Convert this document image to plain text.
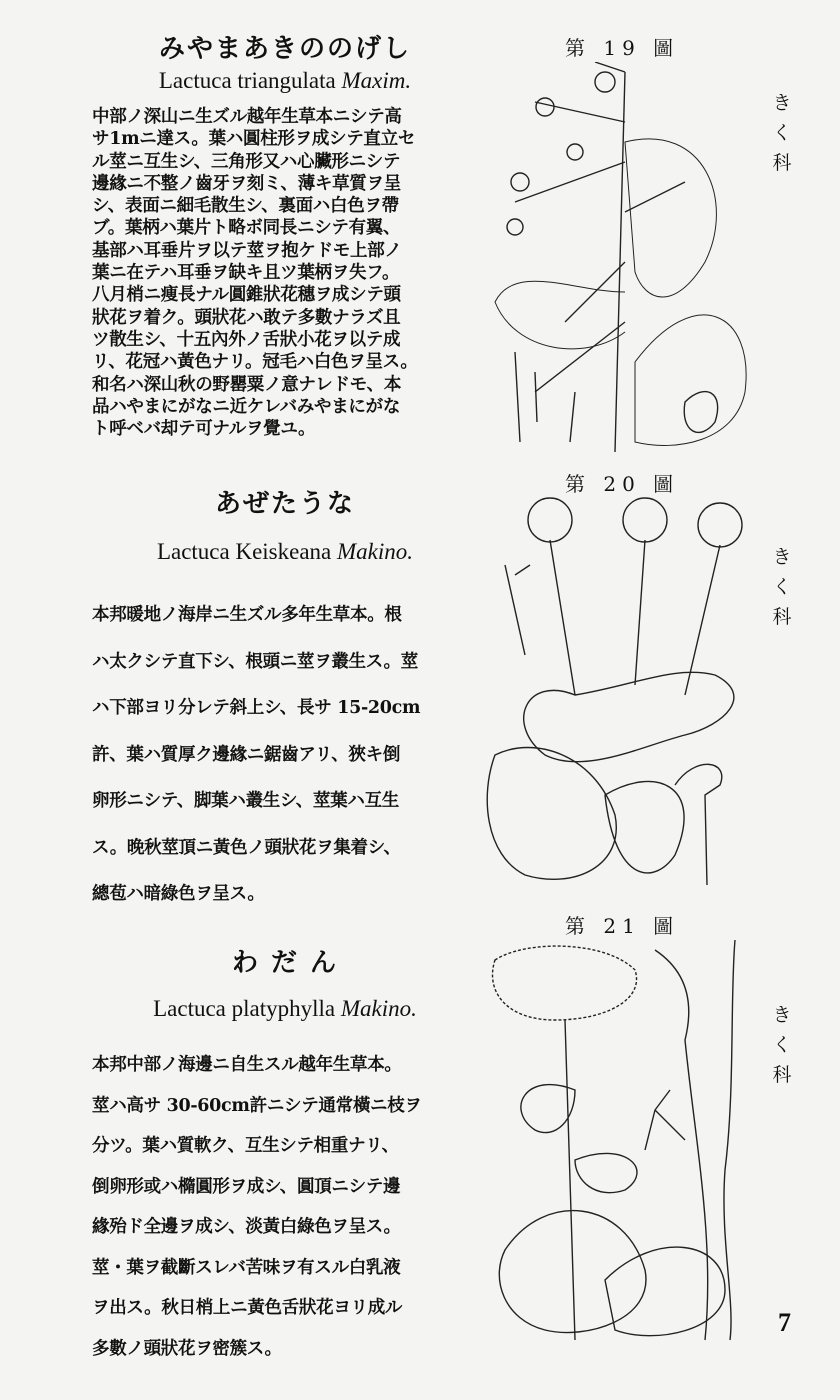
みやまあきののげし
Lactuca triangulata Maxim.
中部ノ深山ニ生ズル越年生草本ニシテ高
サ1mニ達ス。葉ハ圓柱形ヲ成シテ直立セ
ル莖ニ互生シ、三角形又ハ心臟形ニシテ
邊緣ニ不整ノ齒牙ヲ刻ミ、薄キ草質ヲ呈
シ、表面ニ細毛散生シ、裏面ハ白色ヲ帶
ブ。葉柄ハ葉片ト略ボ同長ニシテ有翼、
基部ハ耳垂片ヲ以テ莖ヲ抱ケドモ上部ノ
葉ニ在テハ耳垂ヲ缺キ且ツ葉柄ヲ失フ。
八月梢ニ痩長ナル圓錐狀花穗ヲ成シテ頭
狀花ヲ着ク。頭狀花ハ敢テ多數ナラズ且
ツ散生シ、十五內外ノ舌狀小花ヲ以テ成
リ、花冠ハ黃色ナリ。冠毛ハ白色ヲ呈ス。
和名ハ深山秋の野罌粟ノ意ナレドモ、本
品ハやまにがなニ近ケレバみやまにがな
ト呼ベバ却テ可ナルヲ覺ユ。
第 19 圖
き
く
科
あぜたうな
Lactuca Keiskeana Makino.
本邦暖地ノ海岸ニ生ズル多年生草本。根
ハ太クシテ直下シ、根頭ニ莖ヲ叢生ス。莖
ハ下部ヨリ分レテ斜上シ、長サ 15-20cm
許、葉ハ質厚ク邊緣ニ鋸齒アリ、狹キ倒
卵形ニシテ、脚葉ハ叢生シ、莖葉ハ互生
ス。晚秋莖頂ニ黃色ノ頭狀花ヲ集着シ、
總苞ハ暗綠色ヲ呈ス。
第 20 圖
き
く
科
わ だ ん
Lactuca platyphylla Makino.
本邦中部ノ海邊ニ自生スル越年生草本。
莖ハ高サ 30-60cm許ニシテ通常橫ニ枝ヲ
分ツ。葉ハ質軟ク、互生シテ相重ナリ、
倒卵形或ハ橢圓形ヲ成シ、圓頂ニシテ邊
緣殆ド全邊ヲ成シ、淡黃白綠色ヲ呈ス。
莖・葉ヲ截斷スレバ苦味ヲ有スル白乳液
ヲ出ス。秋日梢上ニ黃色舌狀花ヨリ成ル
多數ノ頭狀花ヲ密簇ス。
第 21 圖
き
く
科
7
